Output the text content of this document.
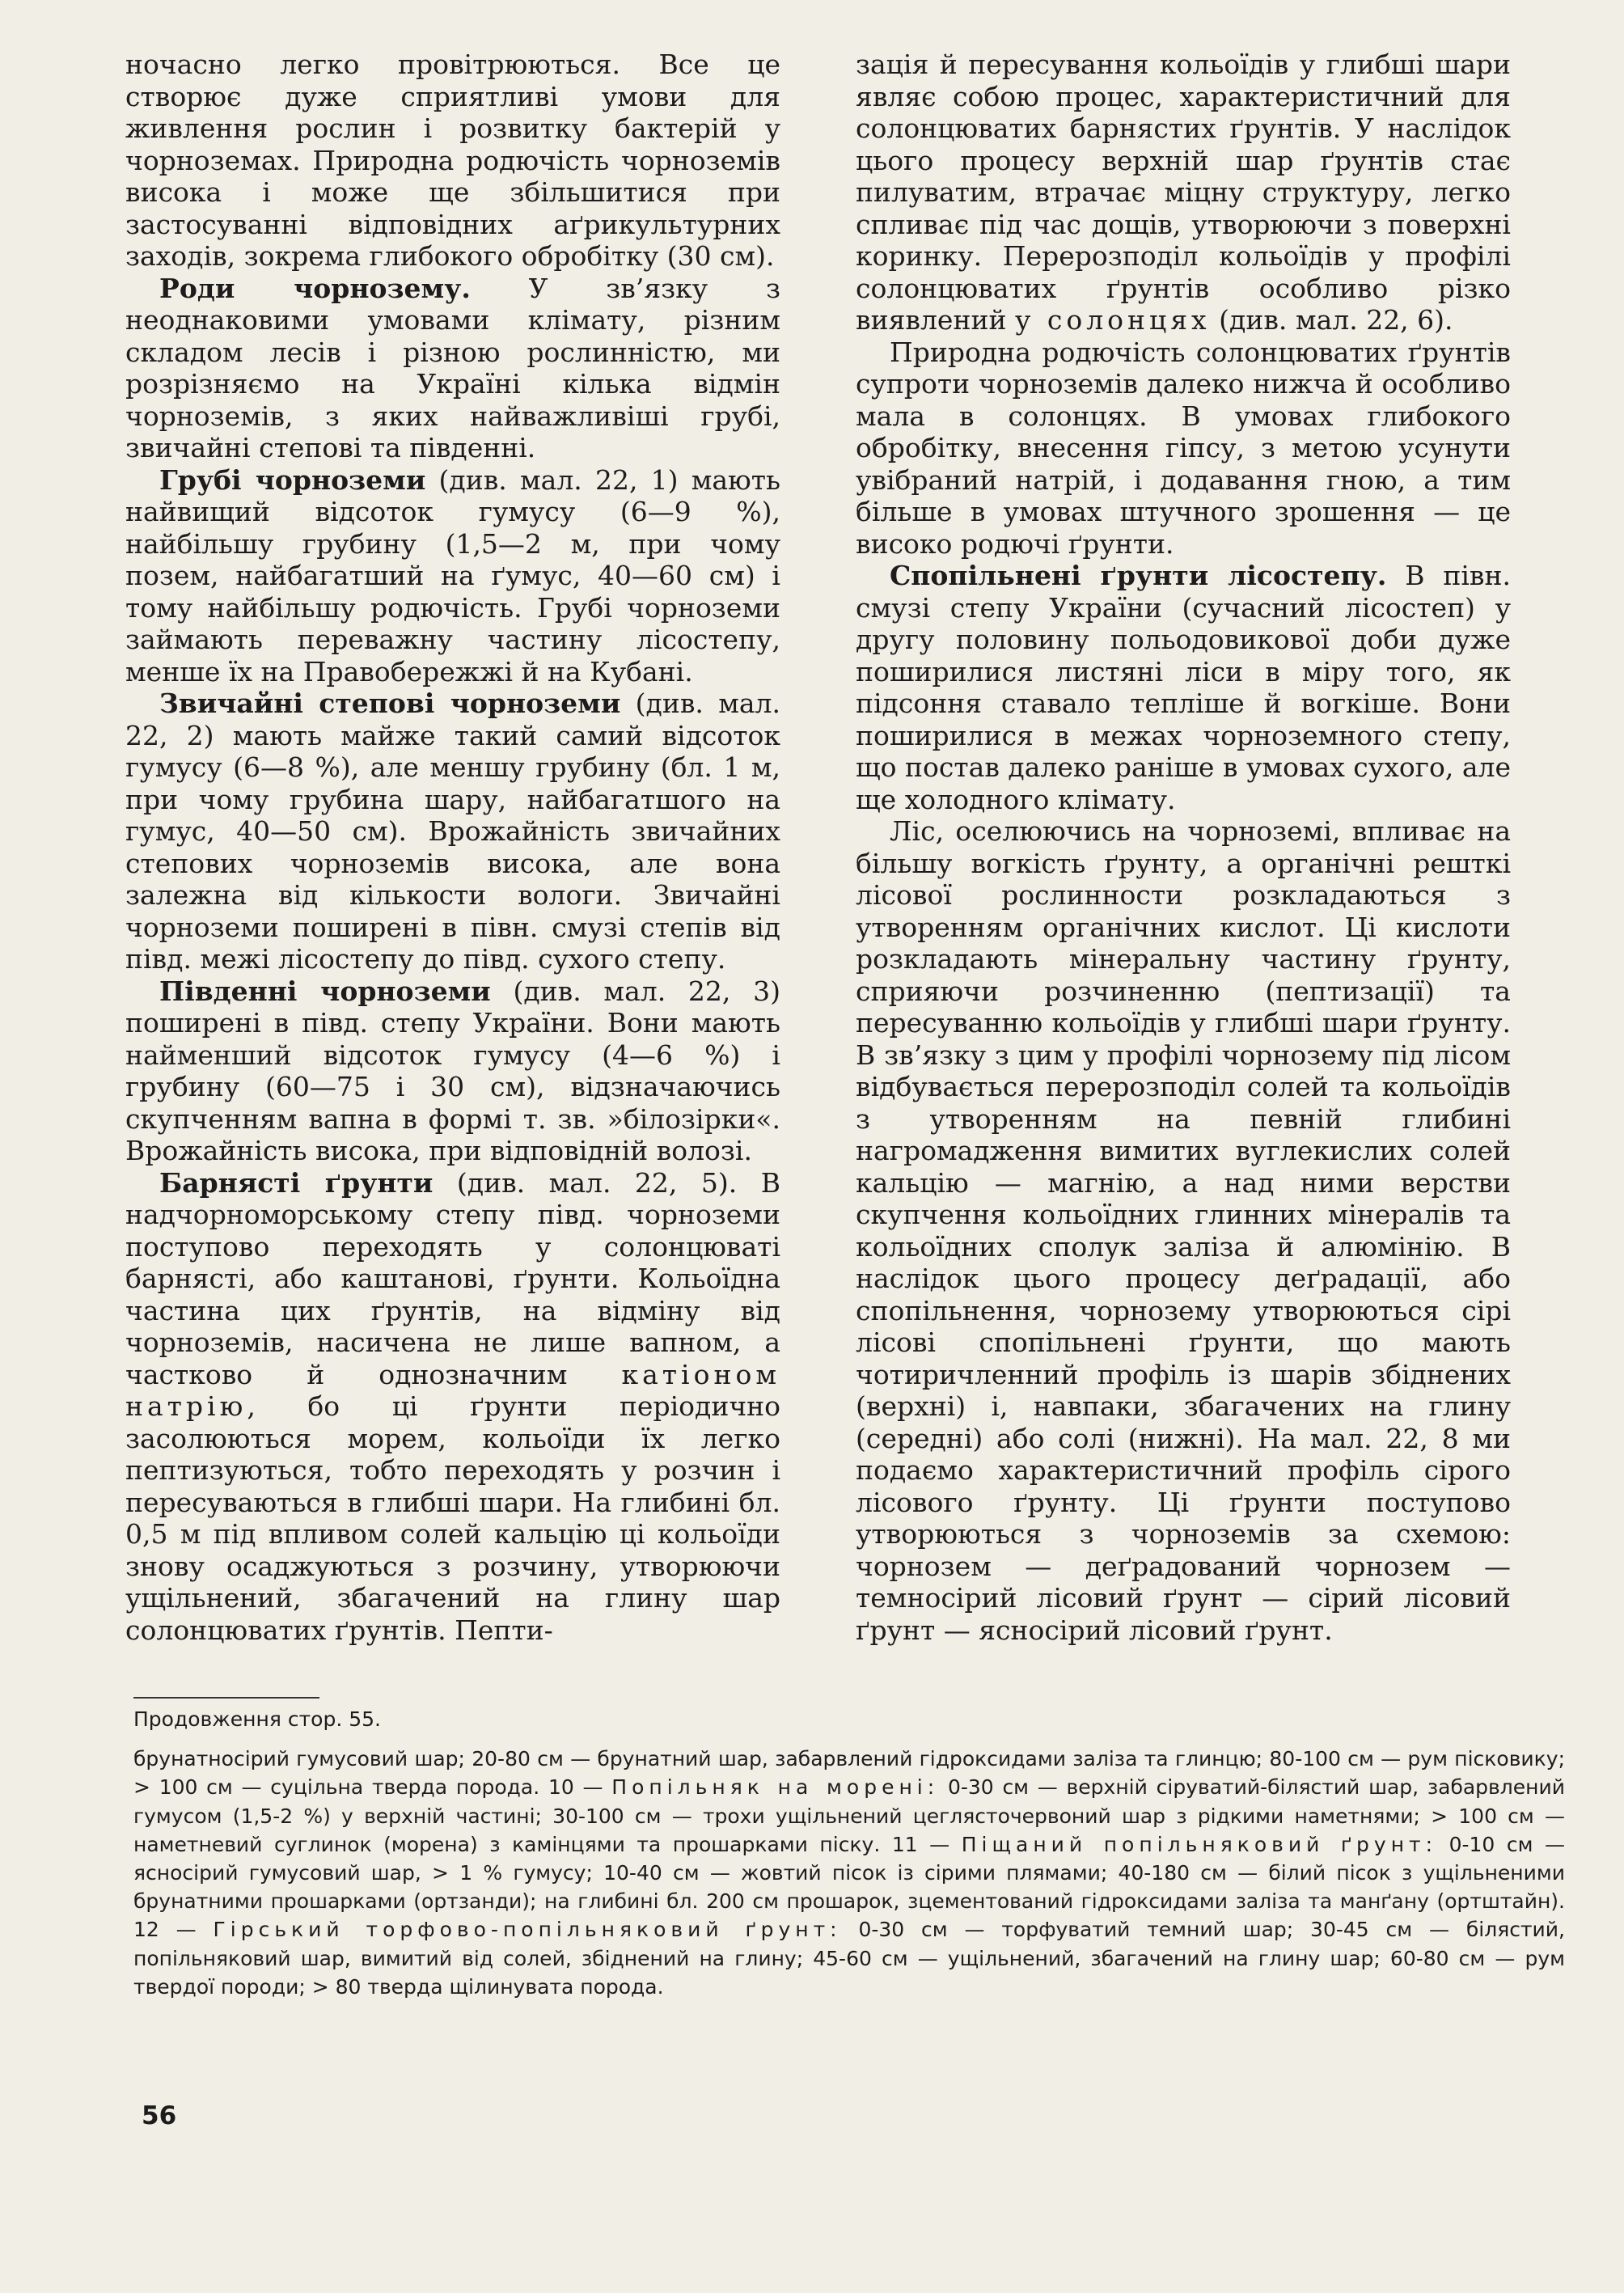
ночасно легко провітрюються. Все це створює дуже сприятливі умови для живлення рослин і розвитку бактерій у чорноземах. Природна родючість чорноземів висока і може ще збільшитися при застосуванні відповідних аґрикультурних заходів, зокрема глибокого обробітку (30 см).

Роди чорнозему. У зв’язку з неоднаковими умовами клімату, різним складом лесів і різною рослинністю, ми розрізняємо на Україні кілька відмін чорноземів, з яких найважливіші грубі, звичайні степові та південні.

Грубі чорноземи (див. мал. 22, 1) мають найвищий відсоток гумусу (6—9 %), найбільшу грубину (1,5—2 м, при чому позем, найбагатший на ґумус, 40—60 см) і тому найбільшу родючість. Грубі чорноземи займають переважну частину лісостепу, менше їх на Правобережжі й на Кубані.

Звичайні степові чорноземи (див. мал. 22, 2) мають майже такий самий відсоток гумусу (6—8 %), але меншу грубину (бл. 1 м, при чому грубина шару, найбагатшого на гумус, 40—50 см). Врожайність звичайних степових чорноземів висока, але вона залежна від кількости вологи. Звичайні чорноземи поширені в півн. смузі степів від півд. межі лісостепу до півд. сухого степу.

Південні чорноземи (див. мал. 22, 3) поширені в півд. степу України. Вони мають найменший відсоток гумусу (4—6 %) і грубину (60—75 і 30 см), відзначаючись скупченням вапна в формі т. зв. »білозірки«. Врожайність висока, при відповідній волозі.

Барнясті ґрунти (див. мал. 22, 5). В надчорноморському степу півд. чорноземи поступово переходять у солонцюваті барнясті, або каштанові, ґрунти. Кольоїдна частина цих ґрунтів, на відміну від чорноземів, насичена не лише вапном, а частково й однозначним катіоном натрію, бо ці ґрунти періодично засолюються морем, кольоїди їх легко пептизуються, тобто переходять у розчин і пересуваються в глибші шари. На глибині бл. 0,5 м під впливом солей кальцію ці кольоїди знову осаджуються з розчину, утворюючи ущільнений, збагачений на глину шар солонцюватих ґрунтів. Пепти-

зація й пересування кольоїдів у глибші шари являє собою процес, характеристичний для солонцюватих барнястих ґрунтів. У наслідок цього процесу верхній шар ґрунтів стає пилуватим, втрачає міцну структуру, легко спливає під час дощів, утворюючи з поверхні коринку. Перерозподіл кольоїдів у профілі солонцюватих ґрунтів особливо різко виявлений у солонцях (див. мал. 22, 6).

Природна родючість солонцюватих ґрунтів супроти чорноземів далеко нижча й особливо мала в солонцях. В умовах глибокого обробітку, внесення гіпсу, з метою усунути увібраний натрій, і додавання гною, а тим більше в умовах штучного зрошення — це високо родючі ґрунти.

Спопільнені ґрунти лісостепу. В півн. смузі степу України (сучасний лісостеп) у другу половину польодовикової доби дуже поширилися листяні ліси в міру того, як підсоння ставало тепліше й вогкіше. Вони поширилися в межах чорноземного степу, що постав далеко раніше в умовах сухого, але ще холодного клімату.

Ліс, оселюючись на чорноземі, впливає на більшу вогкість ґрунту, а органічні решткі лісової рослинности розкладаються з утворенням органічних кислот. Ці кислоти розкладають мінеральну частину ґрунту, сприяючи розчиненню (пептизації) та пересуванню кольоїдів у глибші шари ґрунту. В зв’язку з цим у профілі чорнозему під лісом відбувається перерозподіл солей та кольоїдів з утворенням на певній глибині нагромадження вимитих вуглекислих солей кальцію — магнію, а над ними верстви скупчення кольоїдних глинних мінералів та кольоїдних сполук заліза й алюмінію. В наслідок цього процесу деґрадації, або спопільнення, чорнозему утворюються сірі лісові спопільнені ґрунти, що мають чотиричленний профіль із шарів збіднених (верхні) і, навпаки, збагачених на глину (середні) або солі (нижні). На мал. 22, 8 ми подаємо характеристичний профіль сірого лісового ґрунту. Ці ґрунти поступово утворюються з чорноземів за схемою: чорнозем — деґрадований чорнозем — темносірий лісовий ґрунт — сірий лісовий ґрунт — ясносірий лісовий ґрунт.

Продовження стор. 55.

брунатносірий гумусовий шар; 20-80 см — брунатний шар, забарвлений гідроксидами заліза та глинцю; 80-100 см — рум пісковику; > 100 см — суцільна тверда порода. 10 — Попільняк на морені: 0-30 см — верхній сіруватий-білястий шар, забарвлений гумусом (1,5-2 %) у верхній частині; 30-100 см — трохи ущільнений цеглясточервоний шар з рідкими наметнями; > 100 см — наметневий суглинок (морена) з камінцями та прошарками піску. 11 — Піщаний попільняковий ґрунт: 0-10 см — ясносірий гумусовий шар, > 1 % гумусу; 10-40 см — жовтий пісок із сірими плямами; 40-180 см — білий пісок з ущільненими брунатними прошарками (ортзанди); на глибині бл. 200 см прошарок, зцементований гідроксидами заліза та манґану (ортштайн). 12 — Гірський торфово-попільняковий ґрунт: 0-30 см — торфуватий темний шар; 30-45 см — білястий, попільняковий шар, вимитий від солей, збіднений на глину; 45-60 см — ущільнений, збагачений на глину шар; 60-80 см — рум твердої породи; > 80 тверда щілинувата порода.

56
